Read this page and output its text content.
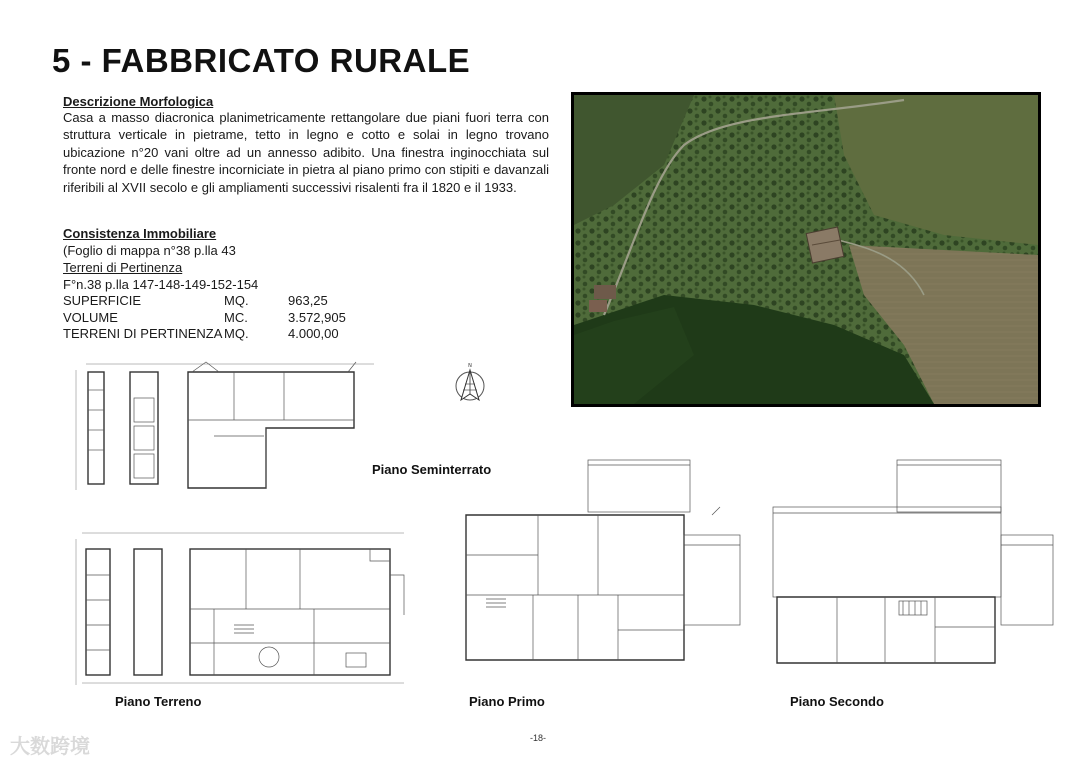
5 - FABBRICATO RURALE
Descrizione Morfologica
Casa a masso diacronica planimetricamente rettangolare due piani fuori terra con struttura verticale in pietrame, tetto in legno e cotto e solai in legno trovano ubicazione n°20 vani oltre ad un annesso adibito. Una finestra inginocchiata sul fronte nord e delle finestre incorniciate in pietra al piano primo con stipiti e davanzali riferibili al XVII secolo e gli ampliamenti successivi risalenti fra il 1820 e il 1933.
Consistenza Immobiliare
(Foglio di mappa n°38 p.lla 43
Terreni di Pertinenza
F°n.38 p.lla 147-148-149-152-154
SUPERFICIE	MQ.	963,25
VOLUME	MC.	3.572,905
TERRENI DI PERTINENZA MQ.	4.000,00
N
Piano Seminterrato
Piano Terreno	Piano Primo	Piano Secondo
-18-
大数跨境
